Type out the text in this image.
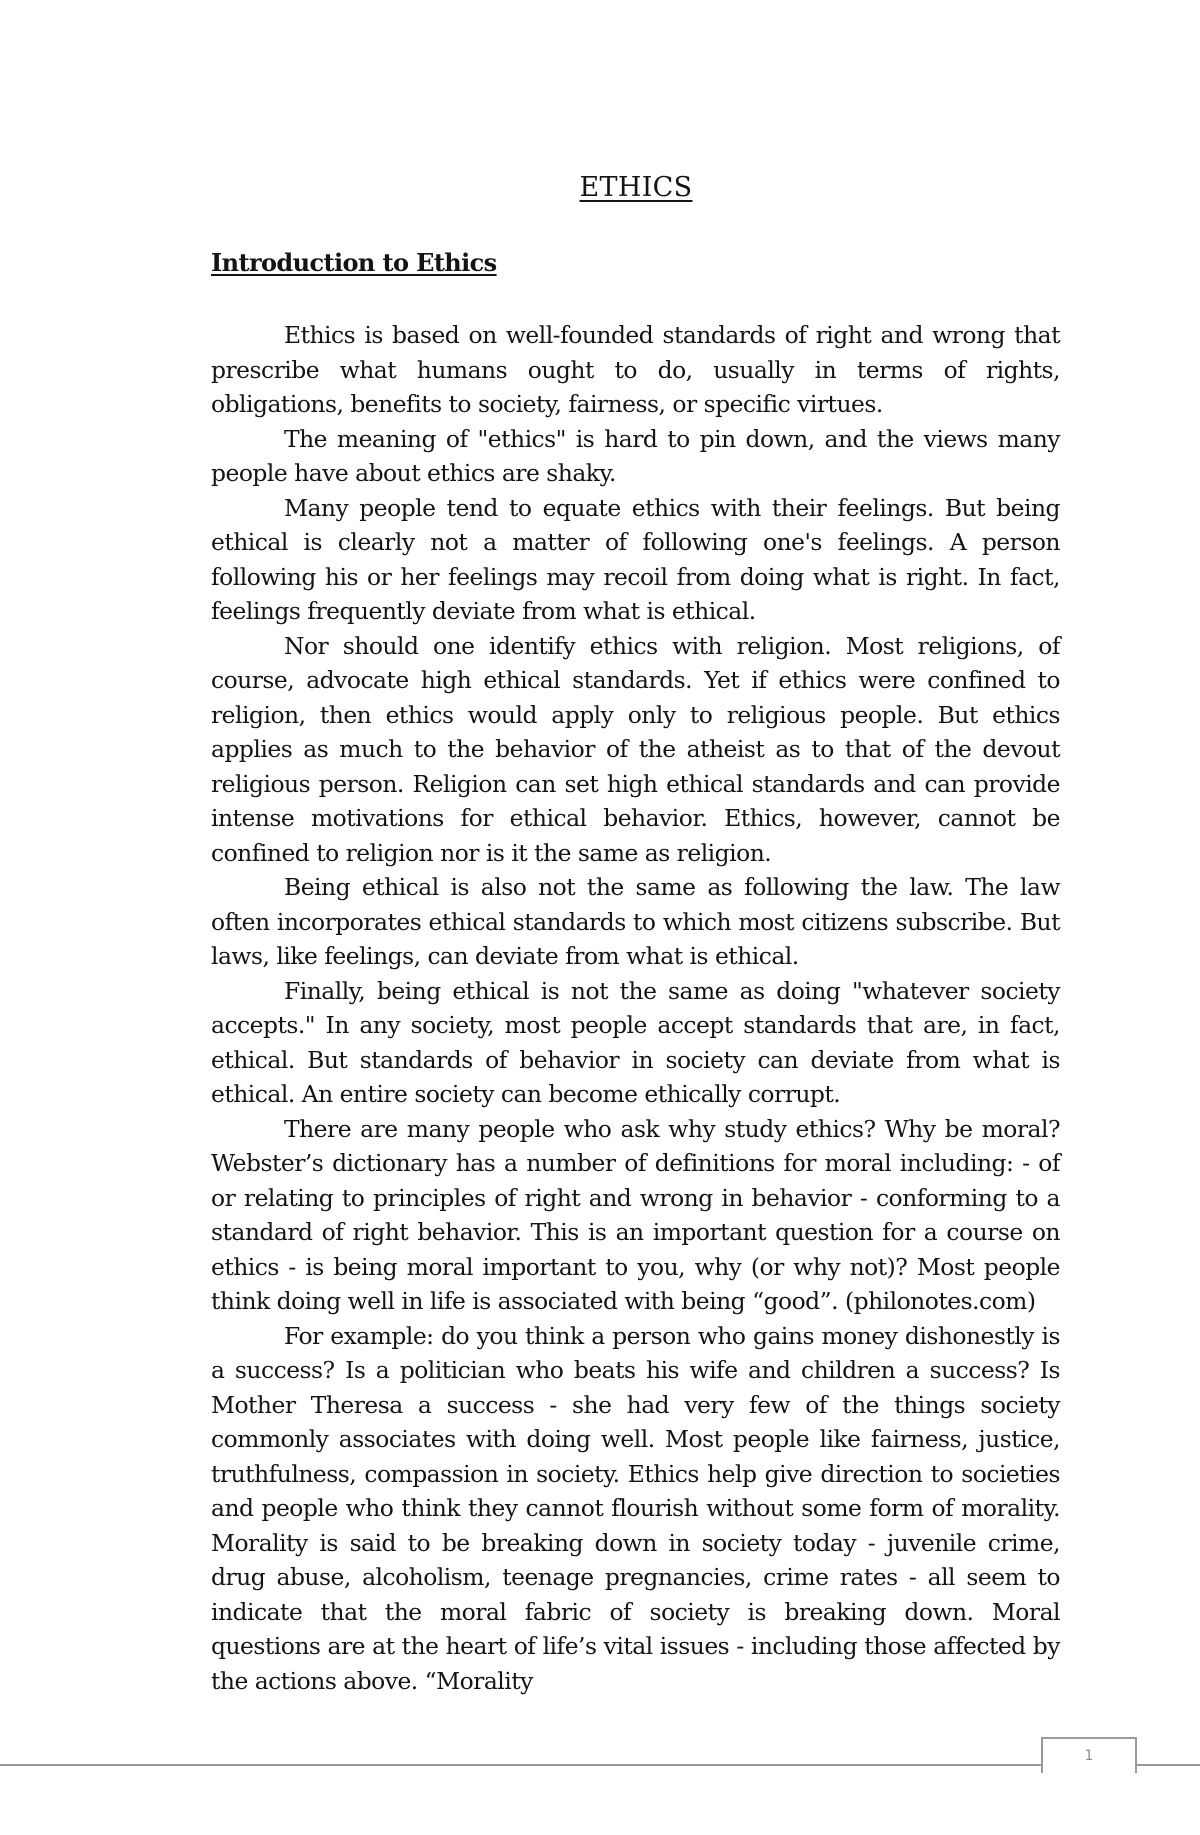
ETHICS
Introduction to Ethics

Ethics is based on well-founded standards of right and wrong that prescribe what humans ought to do, usually in terms of rights, obligations, benefits to society, fairness, or specific virtues.

The meaning of "ethics" is hard to pin down, and the views many people have about ethics are shaky.

Many people tend to equate ethics with their feelings. But being ethical is clearly not a matter of following one's feelings. A person following his or her feelings may recoil from doing what is right. In fact, feelings frequently deviate from what is ethical.

Nor should one identify ethics with religion. Most religions, of course, advocate high ethical standards. Yet if ethics were confined to religion, then ethics would apply only to religious people. But ethics applies as much to the behavior of the atheist as to that of the devout religious person. Religion can set high ethical standards and can provide intense motivations for ethical behavior. Ethics, however, cannot be confined to religion nor is it the same as religion.

Being ethical is also not the same as following the law. The law often incorporates ethical standards to which most citizens subscribe. But laws, like feelings, can deviate from what is ethical.

Finally, being ethical is not the same as doing "whatever society accepts." In any society, most people accept standards that are, in fact, ethical. But standards of behavior in society can deviate from what is ethical. An entire society can become ethically corrupt.

There are many people who ask why study ethics? Why be moral? Webster’s dictionary has a number of definitions for moral including: - of or relating to principles of right and wrong in behavior - conforming to a standard of right behavior. This is an important question for a course on ethics - is being moral important to you, why (or why not)? Most people think doing well in life is associated with being “good”. (philonotes.com)

For example: do you think a person who gains money dishonestly is a success? Is a politician who beats his wife and children a success? Is Mother Theresa a success - she had very few of the things society commonly associates with doing well. Most people like fairness, justice, truthfulness, compassion in society. Ethics help give direction to societies and people who think they cannot flourish without some form of morality. Morality is said to be breaking down in society today - juvenile crime, drug abuse, alcoholism, teenage pregnancies, crime rates - all seem to indicate that the moral fabric of society is breaking down. Moral questions are at the heart of life’s vital issues - including those affected by the actions above. “Morality

1
